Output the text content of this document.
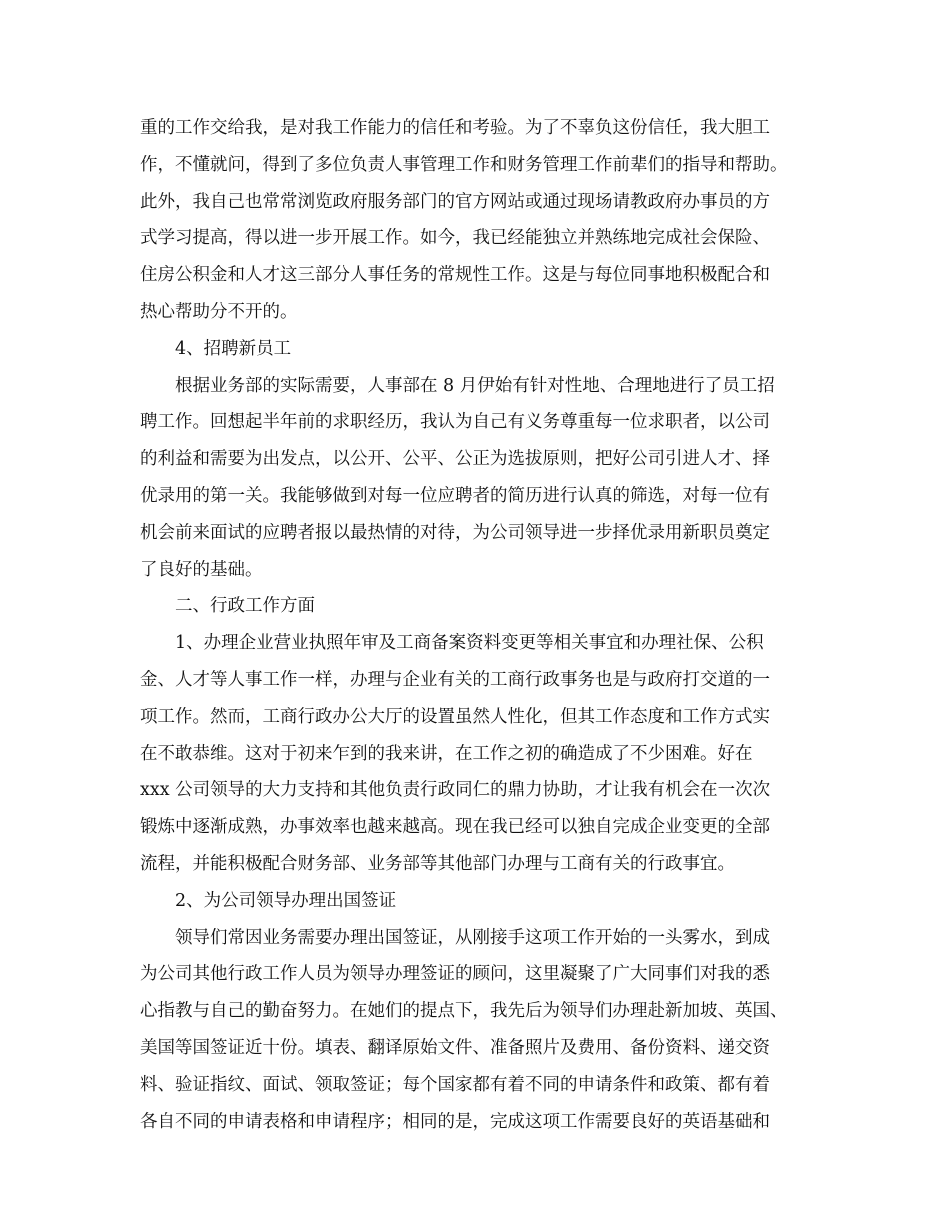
重的工作交给我，是对我工作能力的信任和考验。为了不辜负这份信任，我大胆工
作，不懂就问，得到了多位负责人事管理工作和财务管理工作前辈们的指导和帮助。
此外，我自己也常常浏览政府服务部门的官方网站或通过现场请教政府办事员的方
式学习提高，得以进一步开展工作。如今，我已经能独立并熟练地完成社会保险、
住房公积金和人才这三部分人事任务的常规性工作。这是与每位同事地积极配合和
热心帮助分不开的。
4、招聘新员工
根据业务部的实际需要，人事部在 8 月伊始有针对性地、合理地进行了员工招
聘工作。回想起半年前的求职经历，我认为自己有义务尊重每一位求职者，以公司
的利益和需要为出发点，以公开、公平、公正为选拔原则，把好公司引进人才、择
优录用的第一关。我能够做到对每一位应聘者的简历进行认真的筛选，对每一位有
机会前来面试的应聘者报以最热情的对待，为公司领导进一步择优录用新职员奠定
了良好的基础。
二、行政工作方面
1、办理企业营业执照年审及工商备案资料变更等相关事宜和办理社保、公积
金、人才等人事工作一样，办理与企业有关的工商行政事务也是与政府打交道的一
项工作。然而，工商行政办公大厅的设置虽然人性化，但其工作态度和工作方式实
在不敢恭维。这对于初来乍到的我来讲，在工作之初的确造成了不少困难。好在
xxx 公司领导的大力支持和其他负责行政同仁的鼎力协助，才让我有机会在一次次
锻炼中逐渐成熟，办事效率也越来越高。现在我已经可以独自完成企业变更的全部
流程，并能积极配合财务部、业务部等其他部门办理与工商有关的行政事宜。
2、为公司领导办理出国签证
领导们常因业务需要办理出国签证，从刚接手这项工作开始的一头雾水，到成
为公司其他行政工作人员为领导办理签证的顾问，这里凝聚了广大同事们对我的悉
心指教与自己的勤奋努力。在她们的提点下，我先后为领导们办理赴新加坡、英国、
美国等国签证近十份。填表、翻译原始文件、准备照片及费用、备份资料、递交资
料、验证指纹、面试、领取签证；每个国家都有着不同的申请条件和政策、都有着
各自不同的申请表格和申请程序；相同的是，完成这项工作需要良好的英语基础和
